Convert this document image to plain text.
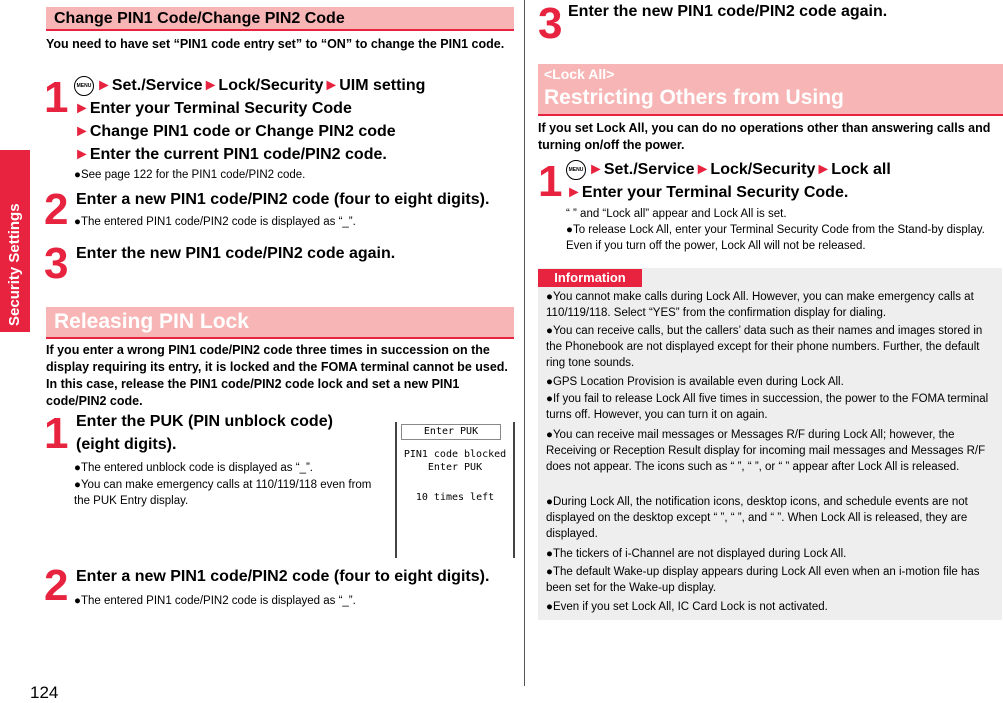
Security Settings
124
Change PIN1 Code/Change PIN2 Code
You need to have set “PIN1 code entry set” to “ON” to change the PIN1 code.
1	MENU ►Set./Service►Lock/Security►UIM setting
►Enter your Terminal Security Code
►Change PIN1 code or Change PIN2 code
►Enter the current PIN1 code/PIN2 code.
●See page 122 for the PIN1 code/PIN2 code.
2 Enter a new PIN1 code/PIN2 code (four to eight digits).
●The entered PIN1 code/PIN2 code is displayed as “_”.
3 Enter the new PIN1 code/PIN2 code again.
Releasing PIN Lock
If you enter a wrong PIN1 code/PIN2 code three times in succession on the display requiring its entry, it is locked and the FOMA terminal cannot be used. In this case, release the PIN1 code/PIN2 code lock and set a new PIN1 code/PIN2 code.
1 Enter the PUK (PIN unblock code)
(eight digits).
●The entered unblock code is displayed as “_”.
●You can make emergency calls at 110/119/118 even from the PUK Entry display.
Enter PUK
PIN1 code blocked
Enter PUK
10 times left
2 Enter a new PIN1 code/PIN2 code (four to eight digits).
●The entered PIN1 code/PIN2 code is displayed as “_”.
3 Enter the new PIN1 code/PIN2 code again.
<Lock All>
Restricting Others from Using
If you set Lock All, you can do no operations other than answering calls and turning on/off the power.
1	MENU ►Set./Service►Lock/Security►Lock all
►Enter your Terminal Security Code.
“ ” and “Lock all” appear and Lock All is set.
●To release Lock All, enter your Terminal Security Code from the Stand-by display. Even if you turn off the power, Lock All will not be released.
Information
●You cannot make calls during Lock All. However, you can make emergency calls at 110/119/118. Select “YES” from the confirmation display for dialing.
●You can receive calls, but the callers’ data such as their names and images stored in the Phonebook are not displayed except for their phone numbers. Further, the default ring tone sounds.
●GPS Location Provision is available even during Lock All.
●If you fail to release Lock All five times in succession, the power to the FOMA terminal turns off. However, you can turn it on again.
●You can receive mail messages or Messages R/F during Lock All; however, the Receiving or Reception Result display for incoming mail messages and Messages R/F does not appear. The icons such as “ ”, “ ”, or “ ” appear after Lock All is released.
●During Lock All, the notification icons, desktop icons, and schedule events are not displayed on the desktop except “ ”, “ ”, and “ ”. When Lock All is released, they are displayed.
●The tickers of i-Channel are not displayed during Lock All.
●The default Wake-up display appears during Lock All even when an i-motion file has been set for the Wake-up display.
●Even if you set Lock All, IC Card Lock is not activated.
